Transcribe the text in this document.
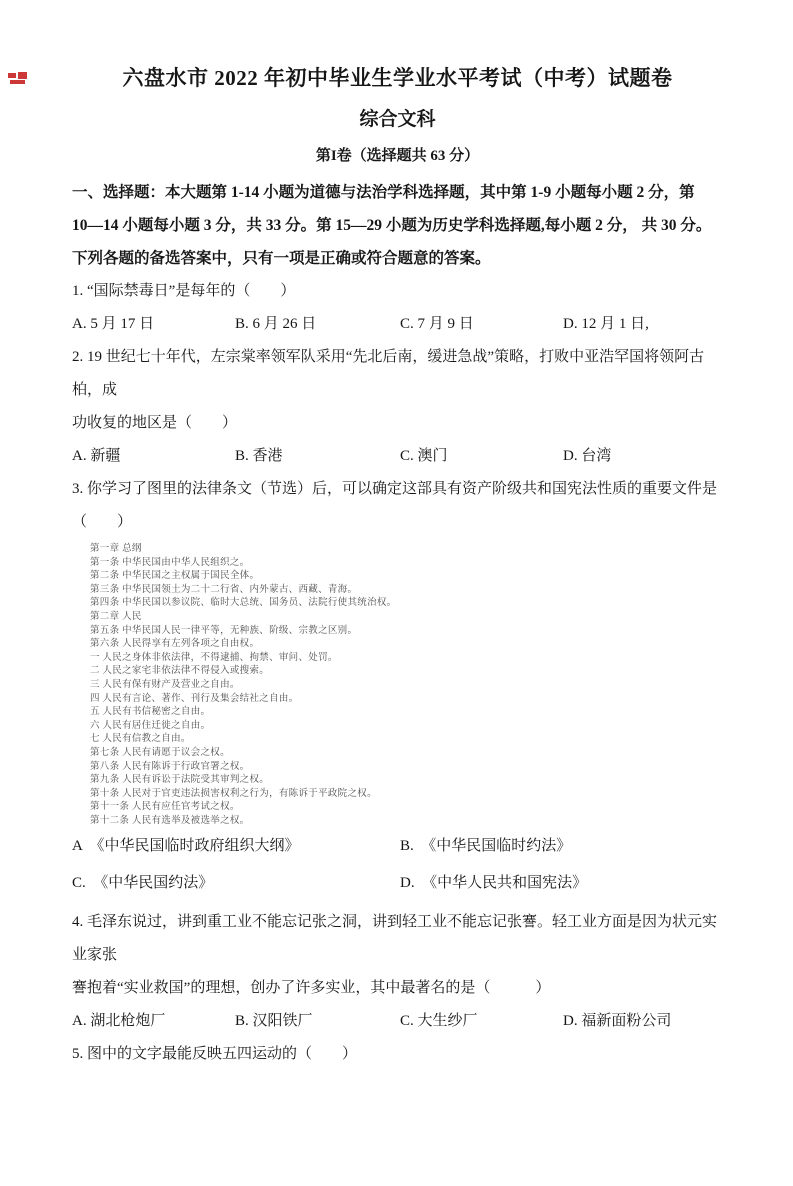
六盘水市 2022 年初中毕业生学业水平考试（中考）试题卷
综合文科
第I卷（选择题共 63 分）
一、选择题：本大题第 1-14 小题为道德与法治学科选择题，其中第 1-9 小题每小题 2 分，第
10—14 小题每小题 3 分，共 33 分。第 15—29 小题为历史学科选择题,每小题 2 分， 共 30 分。
下列各题的备选答案中，只有一项是正确或符合题意的答案。
1. “国际禁毒日”是每年的（　　）
A. 5 月 17 日	B. 6 月 26 日	C. 7 月 9 日	D. 12 月 1 日,
2. 19 世纪七十年代，左宗棠率领军队采用“先北后南，缓进急战”策略，打败中亚浩罕国将领阿古柏，成
功收复的地区是（　　）
A. 新疆	B. 香港	C. 澳门	D. 台湾
3. 你学习了图里的法律条文（节选）后，可以确定这部具有资产阶级共和国宪法性质的重要文件是（　　）
第一章 总纲
第一条 中华民国由中华人民组织之。
第二条 中华民国之主权属于国民全体。
第三条 中华民国领土为二十二行省、内外蒙古、西藏、青海。
第四条 中华民国以参议院、临时大总统、国务员、法院行使其统治权。
第二章 人民
第五条 中华民国人民一律平等，无种族、阶级、宗教之区别。
第六条 人民得享有左列各项之自由权。
一 人民之身体非依法律，不得逮捕、拘禁、审问、处罚。
二 人民之家宅非依法律不得侵入或搜索。
三 人民有保有财产及营业之自由。
四 人民有言论、著作、刊行及集会结社之自由。
五 人民有书信秘密之自由。
六 人民有居住迁徙之自由。
七 人民有信教之自由。
第七条 人民有请愿于议会之权。
第八条 人民有陈诉于行政官署之权。
第九条 人民有诉讼于法院受其审判之权。
第十条 人民对于官吏违法损害权利之行为，有陈诉于平政院之权。
第十一条 人民有应任官考试之权。
第十二条 人民有选举及被选举之权。
A　《中华民国临时政府组织大纲》	B.　《中华民国临时约法》
C.　《中华民国约法》	D.　《中华人民共和国宪法》
4. 毛泽东说过，讲到重工业不能忘记张之洞，讲到轻工业不能忘记张謇。轻工业方面是因为状元实业家张
謇抱着“实业救国”的理想，创办了许多实业，其中最著名的是（　　　）
A. 湖北枪炮厂	B. 汉阳铁厂	C. 大生纱厂	D. 福新面粉公司
5. 图中的文字最能反映五四运动的（　　）
